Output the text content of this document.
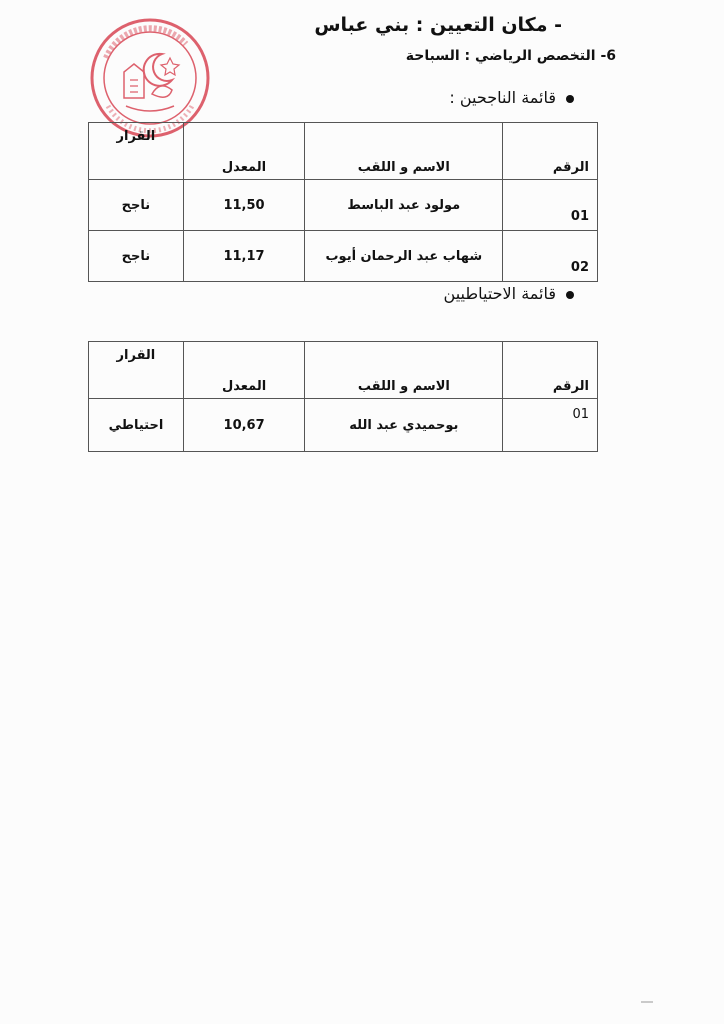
- مكان التعيين : بني عباس
6- التخصص الرياضي : السباحة
قائمة الناجحين :
الرقم	الاسم و اللقب	المعدل	القرار
01	مولود عبد الباسط	11,50	ناجح
02	شهاب عبد الرحمان أيوب	11,17	ناجح
قائمة الاحتياطيين
الرقم	الاسم و اللقب	المعدل	القرار
01	بوحميدي عبد الله	10,67	احتياطي
